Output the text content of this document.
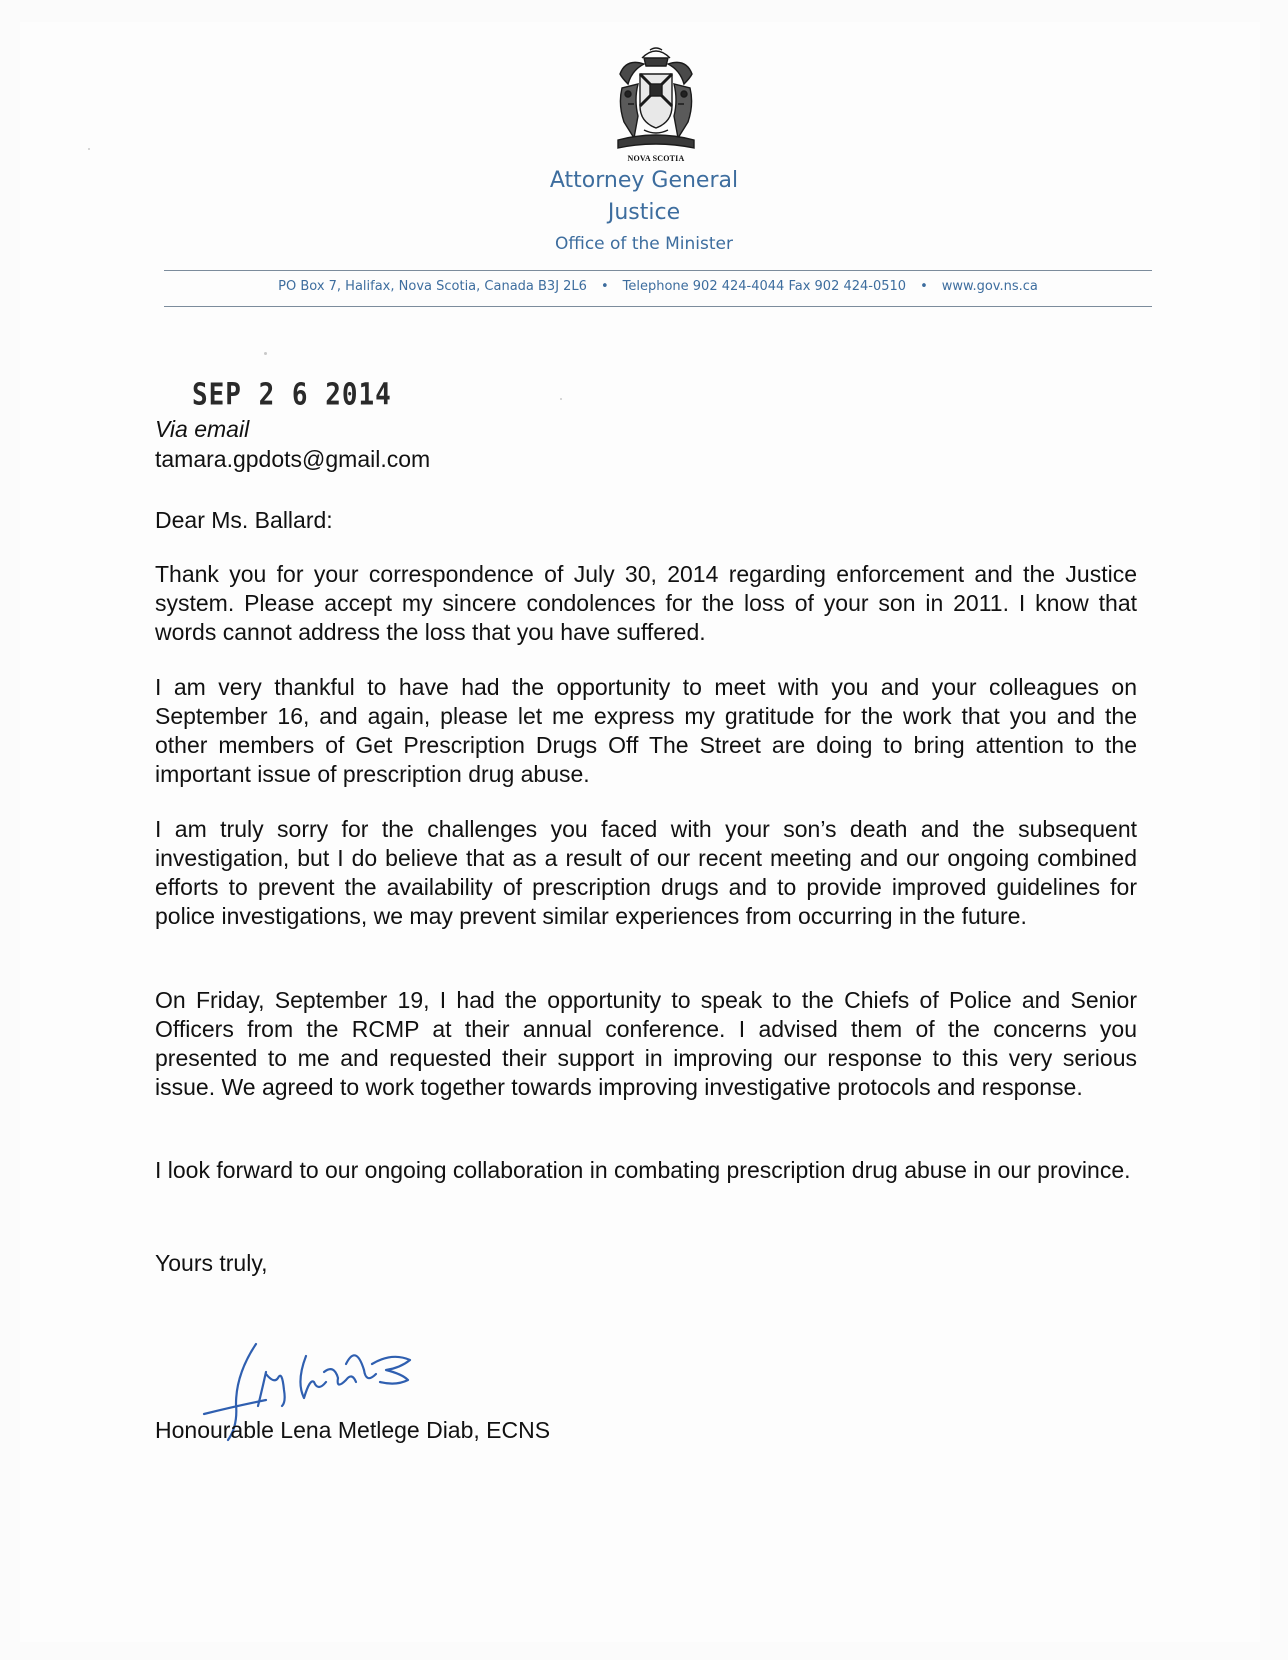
NOVA SCOTIA
Attorney General
Justice
Office of the Minister
PO Box 7, Halifax, Nova Scotia, Canada B3J 2L6 • Telephone 902 424-4044 Fax 902 424-0510 • www.gov.ns.ca
SEP 2 6 2014
Via email
tamara.gpdots@gmail.com
Dear Ms. Ballard:

Thank you for your correspondence of July 30, 2014 regarding enforcement and the Justice system. Please accept my sincere condolences for the loss of your son in 2011. I know that words cannot address the loss that you have suffered.

I am very thankful to have had the opportunity to meet with you and your colleagues on September 16, and again, please let me express my gratitude for the work that you and the other members of Get Prescription Drugs Off The Street are doing to bring attention to the important issue of prescription drug abuse.

I am truly sorry for the challenges you faced with your son’s death and the subsequent investigation, but I do believe that as a result of our recent meeting and our ongoing combined efforts to prevent the availability of prescription drugs and to provide improved guidelines for police investigations, we may prevent similar experiences from occurring in the future.

On Friday, September 19, I had the opportunity to speak to the Chiefs of Police and Senior Officers from the RCMP at their annual conference. I advised them of the concerns you presented to me and requested their support in improving our response to this very serious issue. We agreed to work together towards improving investigative protocols and response.

I look forward to our ongoing collaboration in combating prescription drug abuse in our province.

Yours truly,
Honourable Lena Metlege Diab, ECNS
